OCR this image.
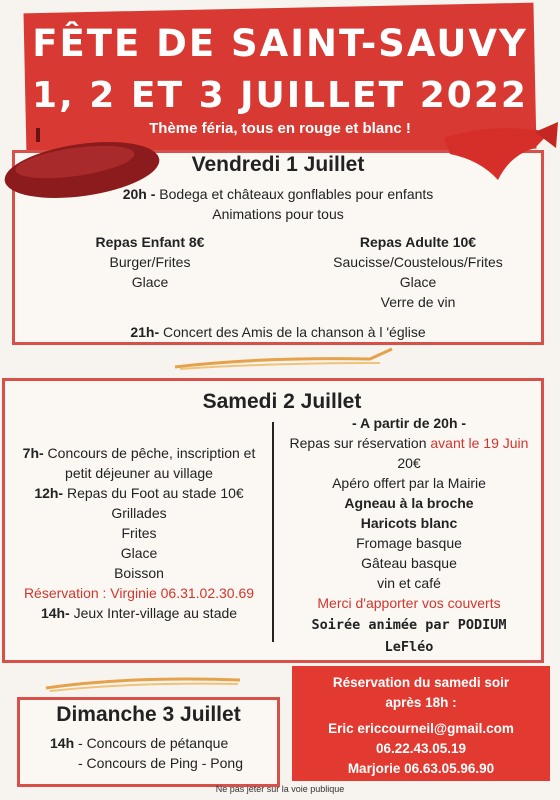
FÊTE DE SAINT-SAUVY
1, 2 ET 3 JUILLET 2022
Thème féria, tous en rouge et blanc !
Vendredi 1 Juillet
20h - Bodega et châteaux gonflables pour enfants
Animations pour tous
Repas Enfant 8€
Burger/Frites
Glace
Repas Adulte 10€
Saucisse/Coustelous/Frites
Glace
Verre de vin
21h- Concert des Amis de la chanson à l 'église
Samedi 2 Juillet
7h- Concours de pêche, inscription et
petit déjeuner au village
12h- Repas du Foot au stade 10€
Grillades
Frites
Glace
Boisson
Réservation : Virginie 06.31.02.30.69
14h- Jeux Inter-village au stade
- A partir de 20h -
Repas sur réservation avant le 19 Juin
20€
Apéro offert par la Mairie
Agneau à la broche
Haricots blanc
Fromage basque
Gâteau basque
vin et café
Merci d'apporter vos couverts
Soirée animée par PODIUM
LeFléo
Dimanche 3 Juillet
14h - Concours de pétanque
- Concours de Ping - Pong
Réservation du samedi soir
après 18h :
Eric ericcourneil@gmail.com
06.22.43.05.19
Marjorie 06.63.05.96.90
Ne pas jeter sur la voie publique
